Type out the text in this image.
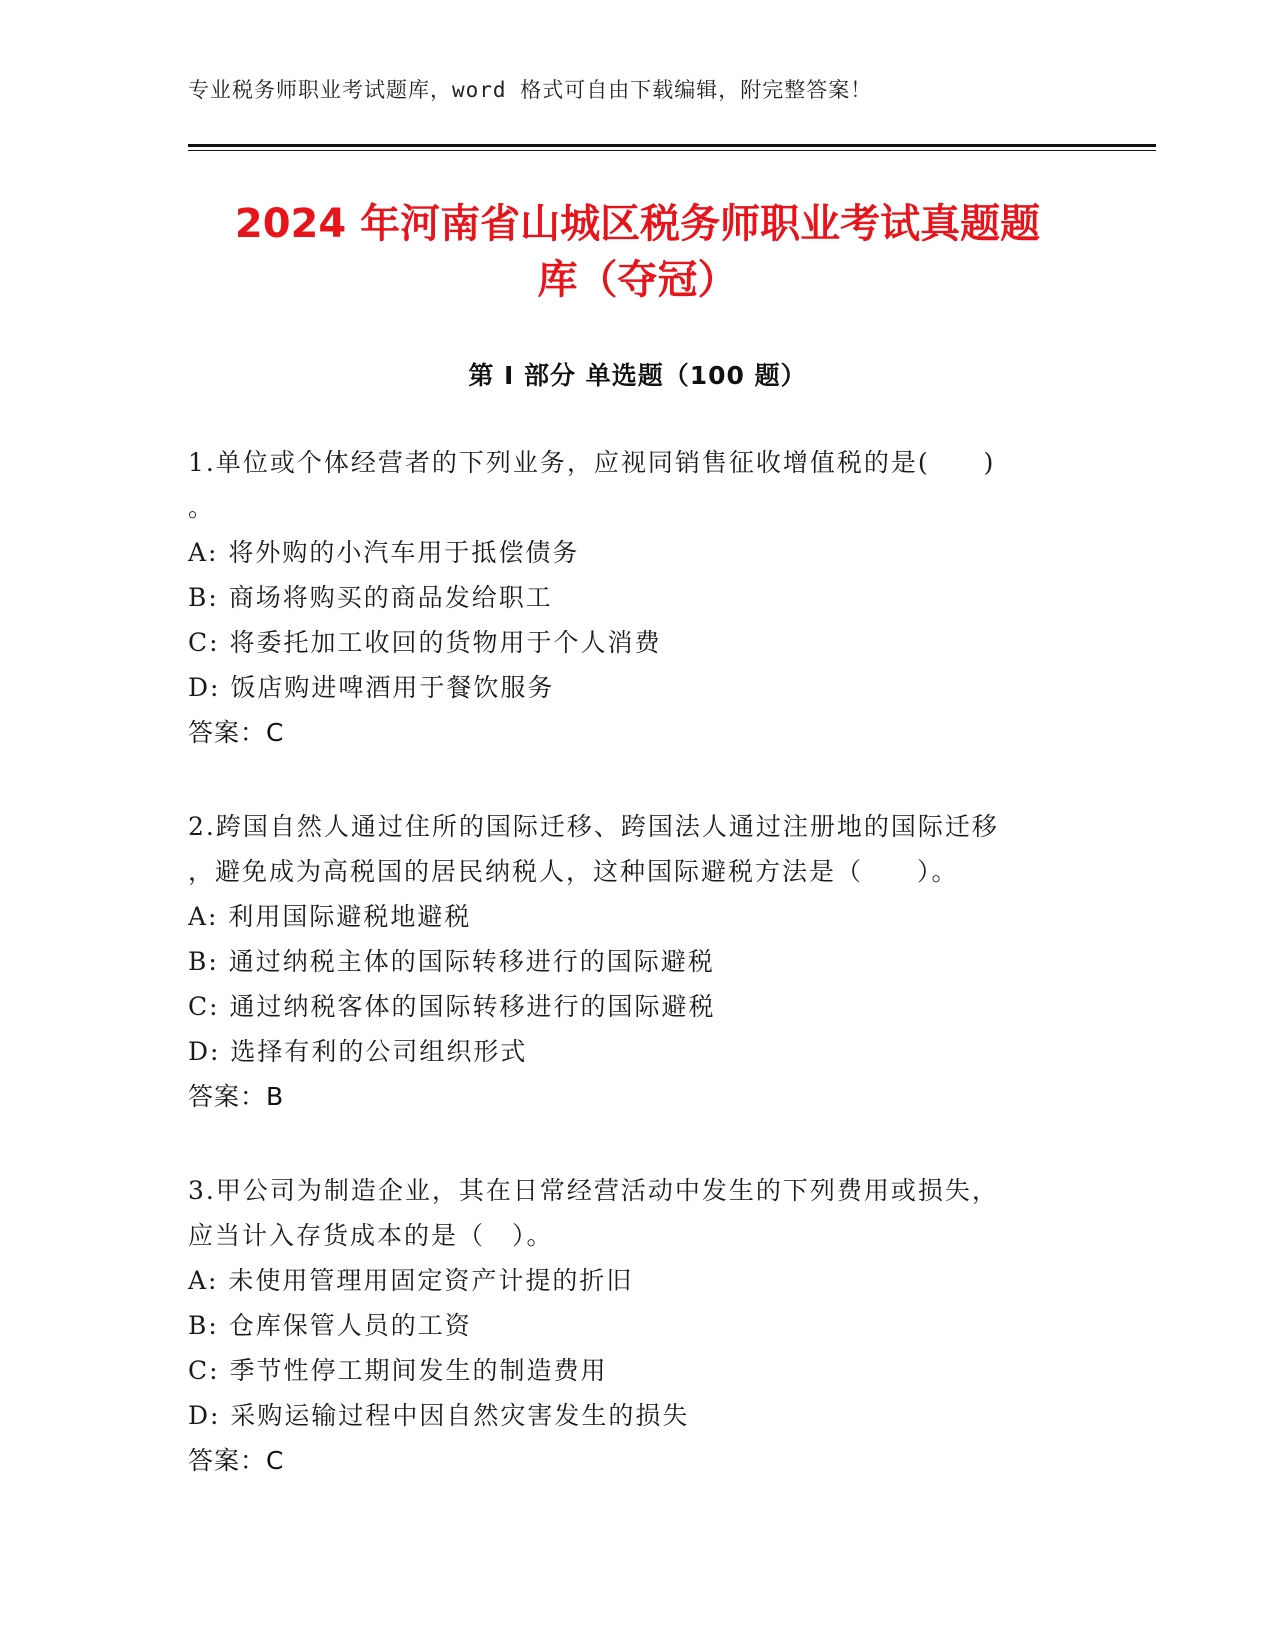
专业税务师职业考试题库，word 格式可自由下载编辑，附完整答案！
2024 年河南省山城区税务师职业考试真题题
库（夺冠）
第 I 部分 单选题（100 题）

1.单位或个体经营者的下列业务，应视同销售征收增值税的是(　　)

。

A: 将外购的小汽车用于抵偿债务

B: 商场将购买的商品发给职工

C: 将委托加工收回的货物用于个人消费

D: 饭店购进啤酒用于餐饮服务

答案：C

2.跨国自然人通过住所的国际迁移、跨国法人通过注册地的国际迁移

，避免成为高税国的居民纳税人，这种国际避税方法是（　　）。

A: 利用国际避税地避税

B: 通过纳税主体的国际转移进行的国际避税

C: 通过纳税客体的国际转移进行的国际避税

D: 选择有利的公司组织形式

答案：B

3.甲公司为制造企业，其在日常经营活动中发生的下列费用或损失，

应当计入存货成本的是（　）。

A: 未使用管理用固定资产计提的折旧

B: 仓库保管人员的工资

C: 季节性停工期间发生的制造费用

D: 采购运输过程中因自然灾害发生的损失

答案：C
